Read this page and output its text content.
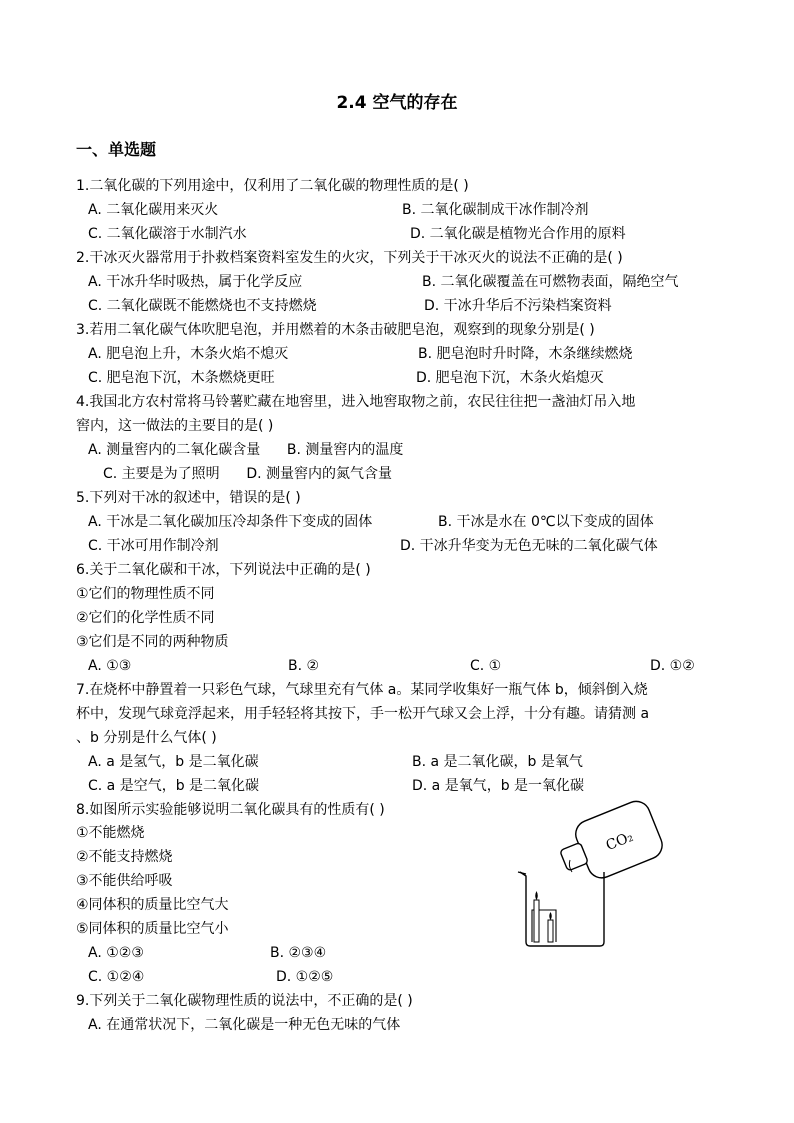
2.4 空气的存在
一、单选题
1.二氧化碳的下列用途中，仅利用了二氧化碳的物理性质的是( )
A. 二氧化碳用来灭火	B. 二氧化碳制成干冰作制冷剂
C. 二氧化碳溶于水制汽水	D. 二氧化碳是植物光合作用的原料
2.干冰灭火器常用于扑救档案资料室发生的火灾，下列关于干冰灭火的说法不正确的是( )
A. 干冰升华时吸热，属于化学反应	B. 二氧化碳覆盖在可燃物表面，隔绝空气
C. 二氧化碳既不能燃烧也不支持燃烧	D. 干冰升华后不污染档案资料
3.若用二氧化碳气体吹肥皂泡，并用燃着的木条击破肥皂泡，观察到的现象分别是( )
A. 肥皂泡上升，木条火焰不熄灭	B. 肥皂泡时升时降，木条继续燃烧
C. 肥皂泡下沉，木条燃烧更旺	D. 肥皂泡下沉，木条火焰熄灭
4.我国北方农村常将马铃薯贮藏在地窖里，进入地窖取物之前，农民往往把一盏油灯吊入地
窖内，这一做法的主要目的是( )
A. 测量窖内的二氧化碳含量      B. 测量窖内的温度
C. 主要是为了照明      D. 测量窖内的氮气含量
5.下列对干冰的叙述中，错误的是( )
A. 干冰是二氧化碳加压冷却条件下变成的固体	B. 干冰是水在 0℃以下变成的固体
C. 干冰可用作制冷剂	D. 干冰升华变为无色无味的二氧化碳气体
6.关于二氧化碳和干冰，下列说法中正确的是( )
①它们的物理性质不同
②它们的化学性质不同
③它们是不同的两种物质
A. ①③	B. ②	C. ①	D. ①②
7.在烧杯中静置着一只彩色气球，气球里充有气体 a。某同学收集好一瓶气体 b，倾斜倒入烧
杯中，发现气球竟浮起来，用手轻轻将其按下，手一松开气球又会上浮，十分有趣。请猜测 a
、b 分别是什么气体( )
A. a 是氢气，b 是二氧化碳	B. a 是二氧化碳，b 是氧气
C. a 是空气，b 是二氧化碳	D. a 是氧气，b 是一氧化碳
8.如图所示实验能够说明二氧化碳具有的性质有( )
①不能燃烧
②不能支持燃烧
③不能供给呼吸
④同体积的质量比空气大
⑤同体积的质量比空气小
A. ①②③	B. ②③④
C. ①②④	D. ①②⑤
CO₂
9.下列关于二氧化碳物理性质的说法中，不正确的是( )
A. 在通常状况下，二氧化碳是一种无色无味的气体
